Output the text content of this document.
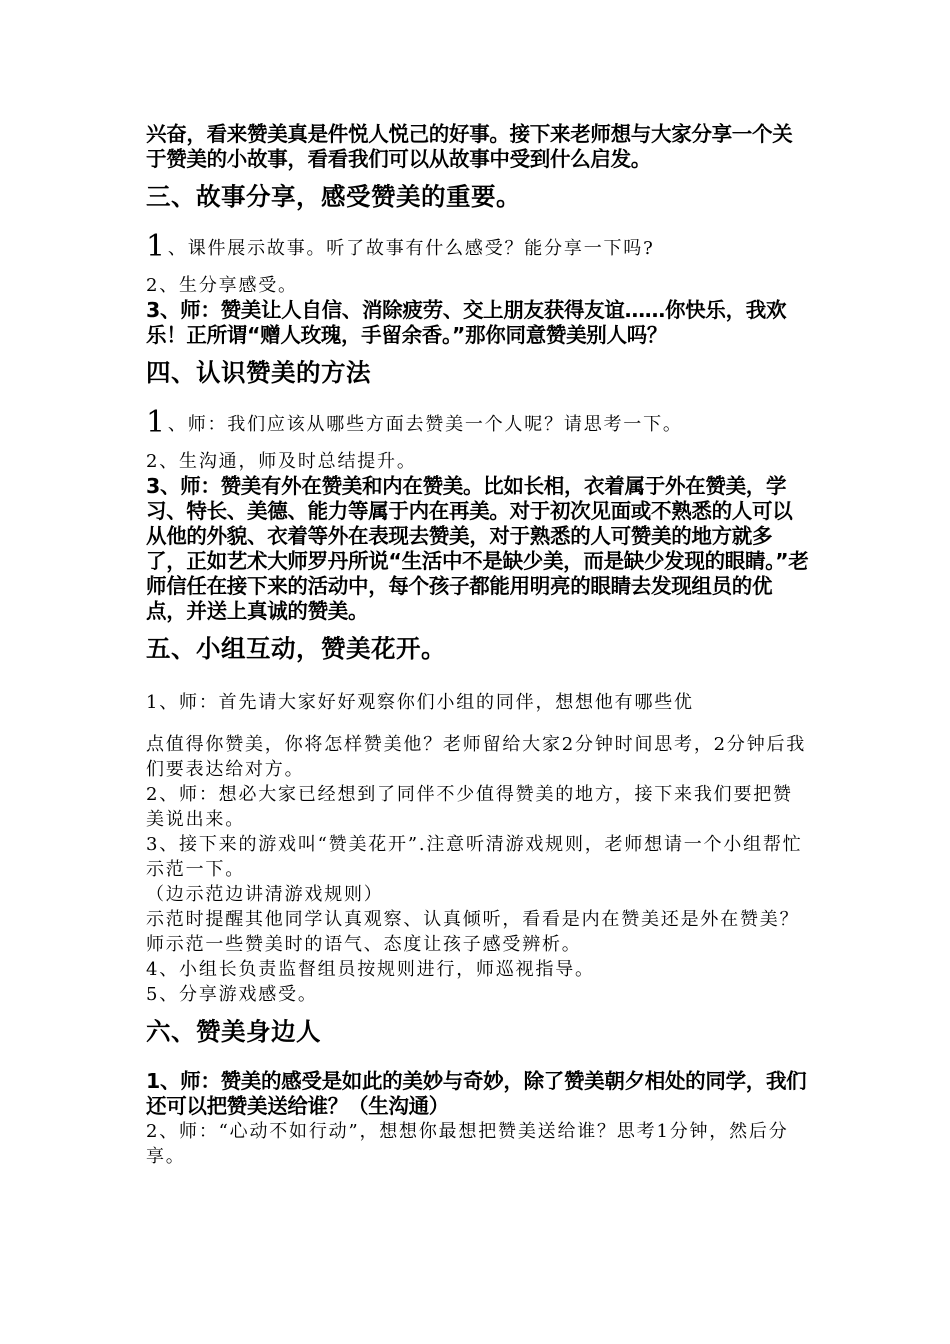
兴奋，看来赞美真是件悦人悦己的好事。接下来老师想与大家分享一个关于赞美的小故事，看看我们可以从故事中受到什么启发。

三、故事分享，感受赞美的重要。

1、课件展示故事。听了故事有什么感受？能分享一下吗?

2、生分享感受。

3、师：赞美让人自信、消除疲劳、交上朋友获得友谊……你快乐，我欢乐！正所谓“赠人玫瑰，手留余香。”那你同意赞美别人吗？

四、认识赞美的方法

1、师：我们应该从哪些方面去赞美一个人呢？请思考一下。

2、生沟通，师及时总结提升。

3、师：赞美有外在赞美和内在赞美。比如长相，衣着属于外在赞美，学习、特长、美德、能力等属于内在再美。对于初次见面或不熟悉的人可以从他的外貌、衣着等外在表现去赞美，对于熟悉的人可赞美的地方就多了，正如艺术大师罗丹所说“生活中不是缺少美，而是缺少发现的眼睛。”老师信任在接下来的活动中，每个孩子都能用明亮的眼睛去发现组员的优点，并送上真诚的赞美。

五、小组互动，赞美花开。

1、师：首先请大家好好观察你们小组的同伴，想想他有哪些优

点值得你赞美，你将怎样赞美他？老师留给大家2分钟时间思考，2分钟后我们要表达给对方。

2、师：想必大家已经想到了同伴不少值得赞美的地方，接下来我们要把赞美说出来。

3、接下来的游戏叫“赞美花开”.注意听清游戏规则，老师想请一个小组帮忙示范一下。

（边示范边讲清游戏规则）

示范时提醒其他同学认真观察、认真倾听，看看是内在赞美还是外在赞美？师示范一些赞美时的语气、态度让孩子感受辨析。

4、小组长负责监督组员按规则进行，师巡视指导。

5、分享游戏感受。

六、赞美身边人

1、师：赞美的感受是如此的美妙与奇妙，除了赞美朝夕相处的同学，我们还可以把赞美送给谁？（生沟通）

2、师：“心动不如行动”，想想你最想把赞美送给谁？思考1分钟，然后分享。
